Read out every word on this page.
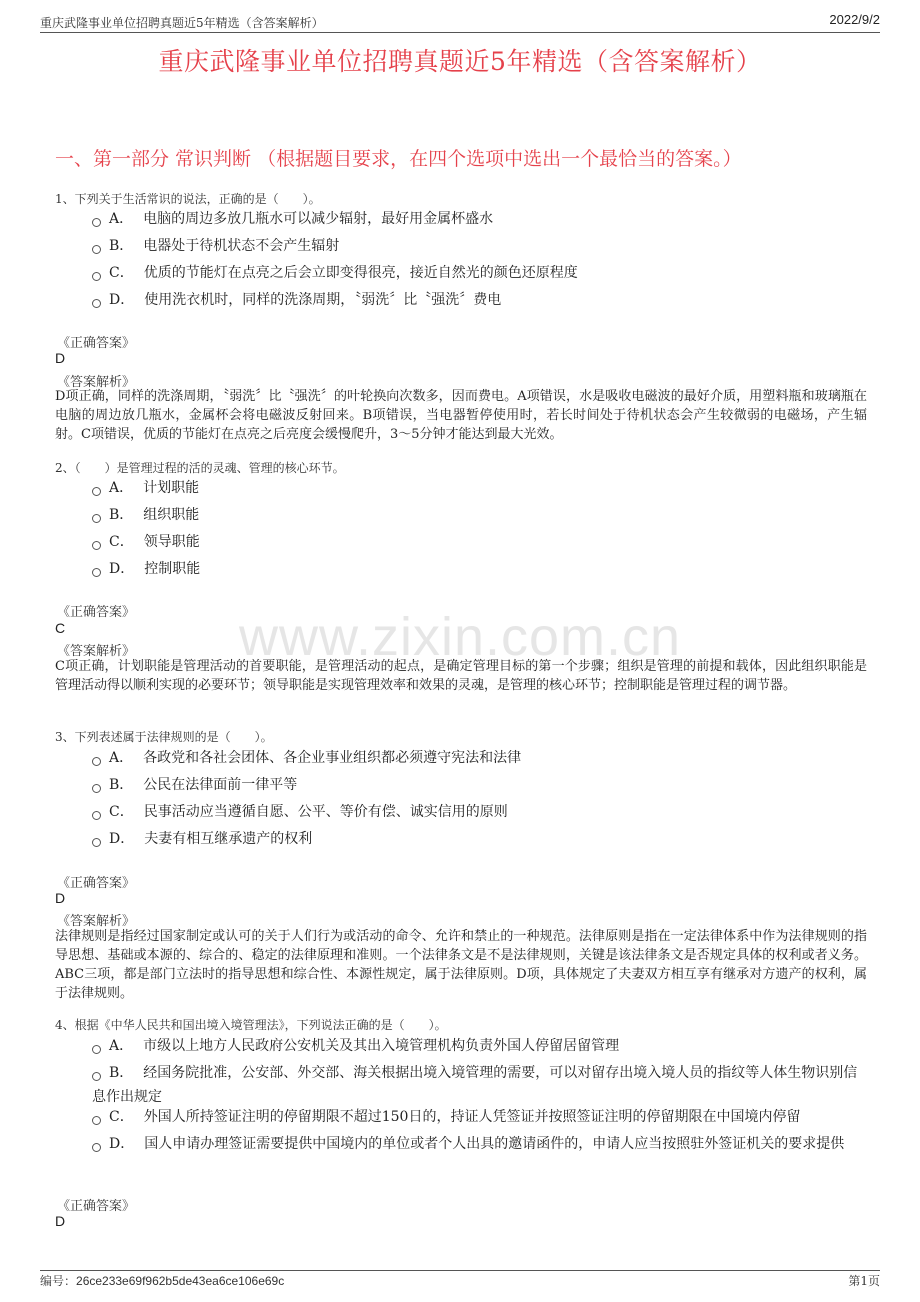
重庆武隆事业单位招聘真题近5年精选（含答案解析）	2022/9/2
重庆武隆事业单位招聘真题近5年精选（含答案解析）
一、第一部分 常识判断 （根据题目要求，在四个选项中选出一个最恰当的答案。）
www.zixin.com.cn
1、下列关于生活常识的说法，正确的是（　　）。
A． 电脑的周边多放几瓶水可以减少辐射，最好用金属杯盛水
B． 电器处于待机状态不会产生辐射
C． 优质的节能灯在点亮之后会立即变得很亮，接近自然光的颜色还原程度
D． 使用洗衣机时，同样的洗涤周期，〝弱洗〞比〝强洗〞费电
《正确答案》
D
《答案解析》
D项正确，同样的洗涤周期，〝弱洗〞比〝强洗〞的叶轮换向次数多，因而费电。A项错误，水是吸收电磁波的最好介质，用塑料瓶和玻璃瓶在电脑的周边放几瓶水，金属杯会将电磁波反射回来。B项错误，当电器暂停使用时，若长时间处于待机状态会产生较微弱的电磁场，产生辐射。C项错误，优质的节能灯在点亮之后亮度会缓慢爬升，3～5分钟才能达到最大光效。
2、（　　）是管理过程的活的灵魂、管理的核心环节。
A． 计划职能
B． 组织职能
C． 领导职能
D． 控制职能
《正确答案》
C
《答案解析》
C项正确，计划职能是管理活动的首要职能，是管理活动的起点，是确定管理目标的第一个步骤；组织是管理的前提和载体，因此组织职能是管理活动得以顺利实现的必要环节；领导职能是实现管理效率和效果的灵魂，是管理的核心环节；控制职能是管理过程的调节器。
3、下列表述属于法律规则的是（　　）。
A． 各政党和各社会团体、各企业事业组织都必须遵守宪法和法律
B． 公民在法律面前一律平等
C． 民事活动应当遵循自愿、公平、等价有偿、诚实信用的原则
D． 夫妻有相互继承遗产的权利
《正确答案》
D
《答案解析》
法律规则是指经过国家制定或认可的关于人们行为或活动的命令、允许和禁止的一种规范。法律原则是指在一定法律体系中作为法律规则的指导思想、基础或本源的、综合的、稳定的法律原理和准则。一个法律条文是不是法律规则，关键是该法律条文是否规定具体的权利或者义务。ABC三项，都是部门立法时的指导思想和综合性、本源性规定，属于法律原则。D项，具体规定了夫妻双方相互享有继承对方遗产的权利，属于法律规则。
4、根据《中华人民共和国出境入境管理法》，下列说法正确的是（　　）。
A． 市级以上地方人民政府公安机关及其出入境管理机构负责外国人停留居留管理
B． 经国务院批准，公安部、外交部、海关根据出境入境管理的需要，可以对留存出境入境人员的指纹等人体生物识别信息作出规定
C． 外国人所持签证注明的停留期限不超过150日的，持证人凭签证并按照签证注明的停留期限在中国境内停留
D． 国人申请办理签证需要提供中国境内的单位或者个人出具的邀请函件的，申请人应当按照驻外签证机关的要求提供
《正确答案》
D
编号：26ce233e69f962b5de43ea6ce106e69c	第1页
